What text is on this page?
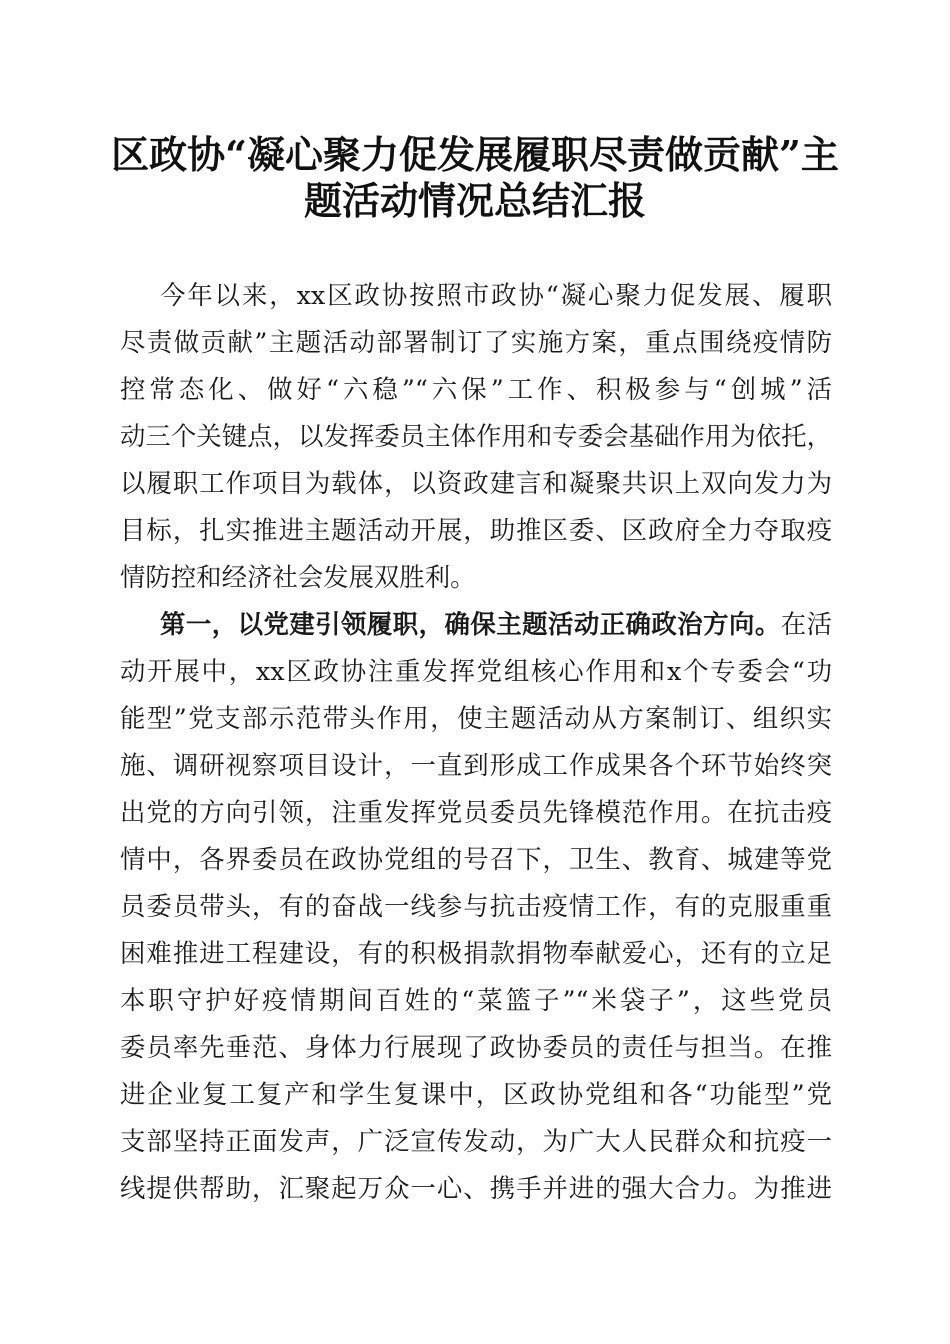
区政协“凝心聚力促发展履职尽责做贡献”主
题活动情况总结汇报
今年以来，xx区政协按照市政协“凝心聚力促发展、履职
尽责做贡献”主题活动部署制订了实施方案，重点围绕疫情防
控常态化、做好“六稳”“六保”工作、积极参与“创城”活
动三个关键点，以发挥委员主体作用和专委会基础作用为依托，
以履职工作项目为载体，以资政建言和凝聚共识上双向发力为
目标，扎实推进主题活动开展，助推区委、区政府全力夺取疫
情防控和经济社会发展双胜利。
第一，以党建引领履职，确保主题活动正确政治方向。在活
动开展中，xx区政协注重发挥党组核心作用和x个专委会“功
能型”党支部示范带头作用，使主题活动从方案制订、组织实
施、调研视察项目设计，一直到形成工作成果各个环节始终突
出党的方向引领，注重发挥党员委员先锋模范作用。在抗击疫
情中，各界委员在政协党组的号召下，卫生、教育、城建等党
员委员带头，有的奋战一线参与抗击疫情工作，有的克服重重
困难推进工程建设，有的积极捐款捐物奉献爱心，还有的立足
本职守护好疫情期间百姓的“菜篮子”“米袋子”，这些党员
委员率先垂范、身体力行展现了政协委员的责任与担当。在推
进企业复工复产和学生复课中，区政协党组和各“功能型”党
支部坚持正面发声，广泛宣传发动，为广大人民群众和抗疫一
线提供帮助，汇聚起万众一心、携手并进的强大合力。为推进
